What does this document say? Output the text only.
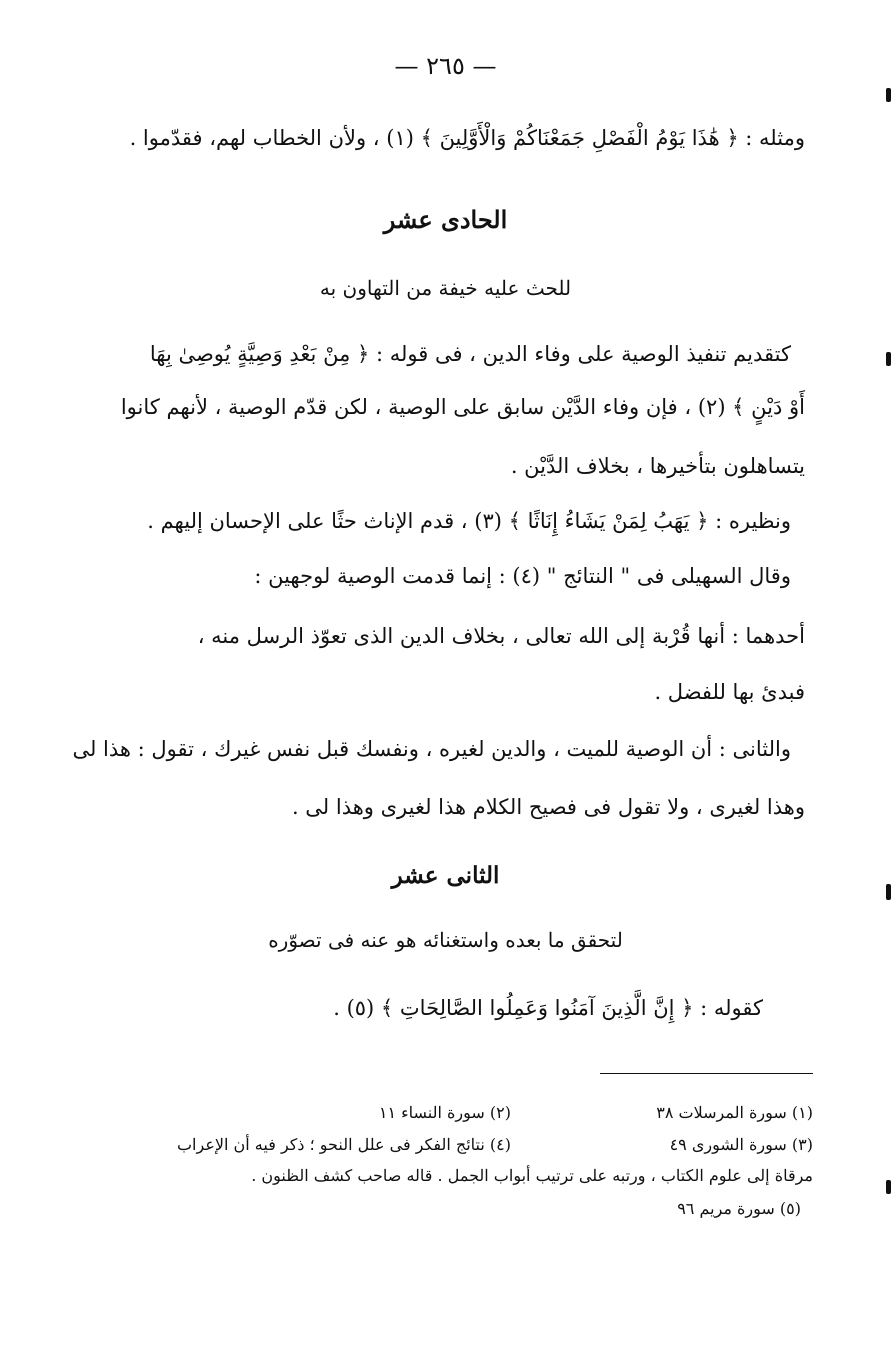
— ٢٦٥ —
ومثله : ﴿ هَٰذَا يَوْمُ الْفَصْلِ جَمَعْنَاكُمْ وَالْأَوَّلِينَ ﴾ (١) ، ولأن الخطاب لهم، فقدّموا .
الحادى عشر
للحث عليه خيفة من التهاون به
كتقديم تنفيذ الوصية على وفاء الدين ، فى قوله : ﴿ مِنْ بَعْدِ وَصِيَّةٍ يُوصِىٰ بِهَا
أَوْ دَيْنٍ ﴾ (٢) ، فإن وفاء الدَّيْن سابق على الوصية ، لكن قدّم الوصية ، لأنهم كانوا
يتساهلون بتأخيرها ، بخلاف الدَّيْن .
ونظيره : ﴿ يَهَبُ لِمَنْ يَشَاءُ إِنَاثًا ﴾ (٣) ، قدم الإناث حثًا على الإحسان إليهم .
وقال السهيلى فى " النتائج " (٤) : إنما قدمت الوصية لوجهين :
أحدهما : أنها قُرْبة إلى الله تعالى ، بخلاف الدين الذى تعوّذ الرسل منه ،
فبدئ بها للفضل .
والثانى : أن الوصية للميت ، والدين لغيره ، ونفسك قبل نفس غيرك ، تقول : هذا لى
وهذا لغيرى ، ولا تقول فى فصيح الكلام هذا لغيرى وهذا لى .
الثانى عشر
لتحقق ما بعده واستغنائه هو عنه فى تصوّره
كقوله : ﴿ إِنَّ الَّذِينَ آمَنُوا وَعَمِلُوا الصَّالِحَاتِ ﴾ (٥) .
(١) سورة المرسلات ٣٨
(٢) سورة النساء ١١
(٣) سورة الشورى ٤٩
(٤) نتائج الفكر فى علل النحو ؛ ذكر فيه أن الإعراب
مرقاة إلى علوم الكتاب ، ورتبه على ترتيب أبواب الجمل . قاله صاحب كشف الظنون .
(٥) سورة مريم ٩٦
